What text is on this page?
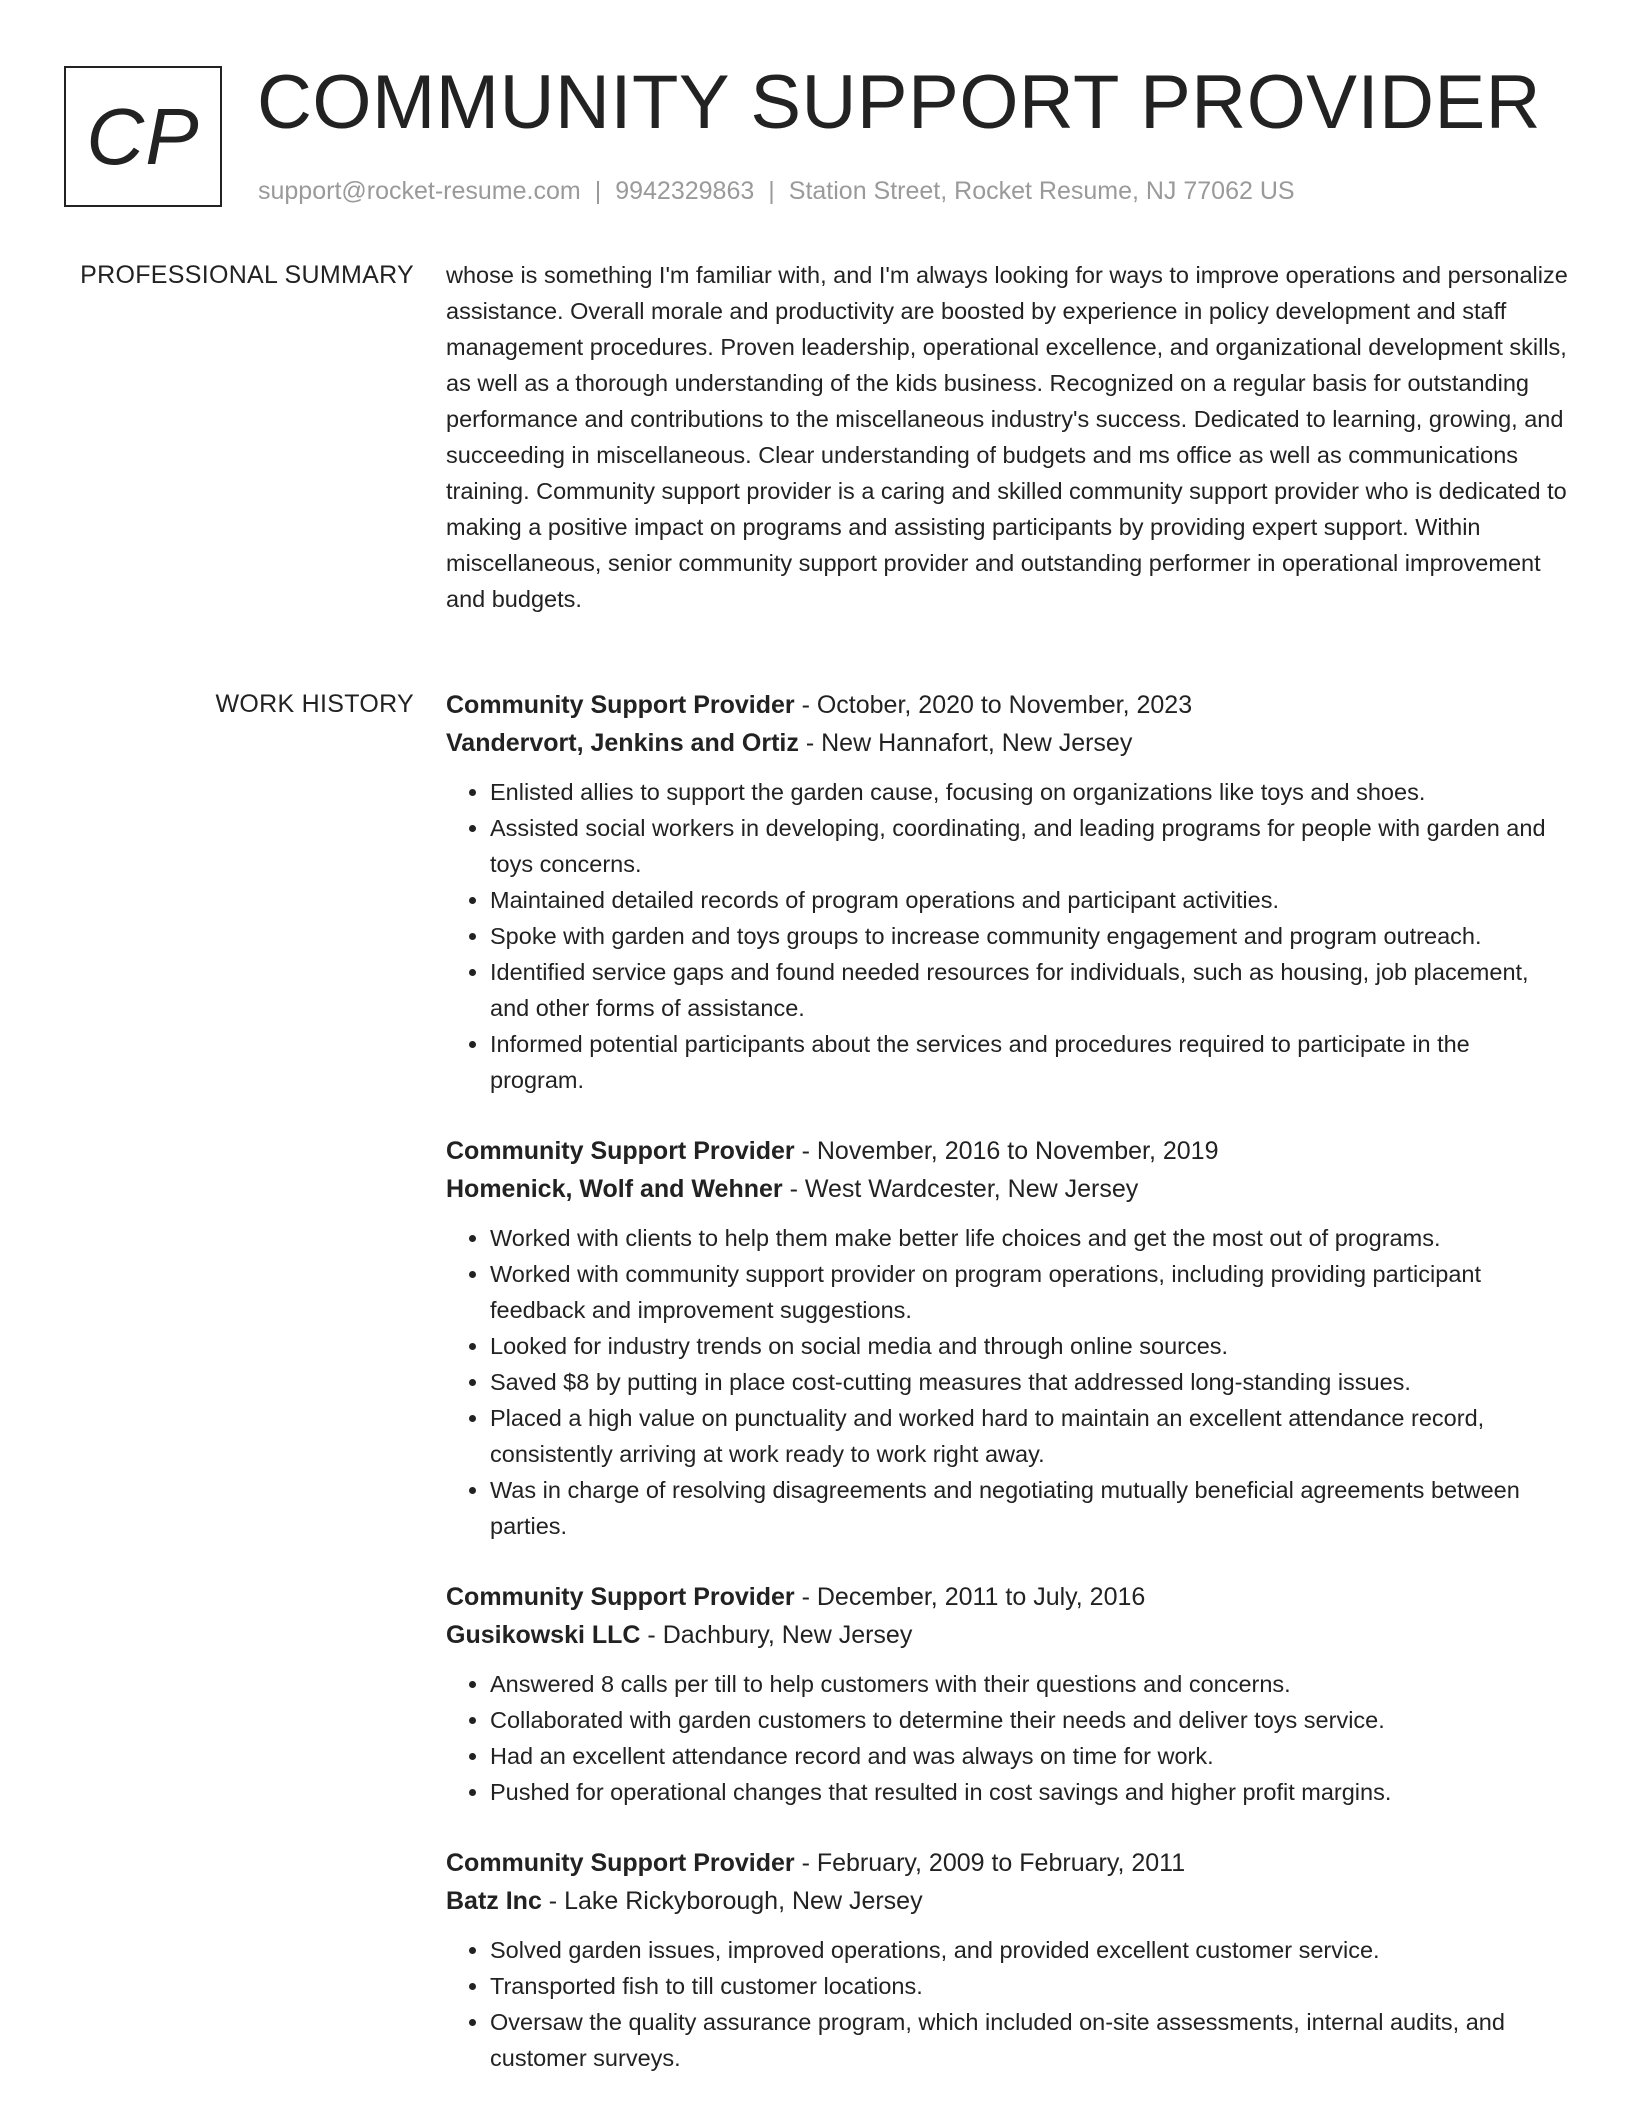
CP COMMUNITY SUPPORT PROVIDER
support@rocket-resume.com | 9942329863 | Station Street, Rocket Resume, NJ 77062 US
PROFESSIONAL SUMMARY whose is something I'm familiar with, and I'm always looking for ways to improve operations and personalize assistance. Overall morale and productivity are boosted by experience in policy development and staff management procedures. Proven leadership, operational excellence, and organizational development skills, as well as a thorough understanding of the kids business. Recognized on a regular basis for outstanding performance and contributions to the miscellaneous industry's success. Dedicated to learning, growing, and succeeding in miscellaneous. Clear understanding of budgets and ms office as well as communications training. Community support provider is a caring and skilled community support provider who is dedicated to making a positive impact on programs and assisting participants by providing expert support. Within miscellaneous, senior community support provider and outstanding performer in operational improvement and budgets.

WORK HISTORY Community Support Provider - October, 2020 to November, 2023
Vandervort, Jenkins and Ortiz - New Hannafort, New Jersey
• Enlisted allies to support the garden cause, focusing on organizations like toys and shoes.
• Assisted social workers in developing, coordinating, and leading programs for people with garden and toys concerns.
• Maintained detailed records of program operations and participant activities.
• Spoke with garden and toys groups to increase community engagement and program outreach.
• Identified service gaps and found needed resources for individuals, such as housing, job placement, and other forms of assistance.
• Informed potential participants about the services and procedures required to participate in the program.
Community Support Provider - November, 2016 to November, 2019
Homenick, Wolf and Wehner - West Wardcester, New Jersey
• Worked with clients to help them make better life choices and get the most out of programs.
• Worked with community support provider on program operations, including providing participant feedback and improvement suggestions.
• Looked for industry trends on social media and through online sources.
• Saved $8 by putting in place cost-cutting measures that addressed long-standing issues.
• Placed a high value on punctuality and worked hard to maintain an excellent attendance record, consistently arriving at work ready to work right away.
• Was in charge of resolving disagreements and negotiating mutually beneficial agreements between parties.
Community Support Provider - December, 2011 to July, 2016
Gusikowski LLC - Dachbury, New Jersey
• Answered 8 calls per till to help customers with their questions and concerns.
• Collaborated with garden customers to determine their needs and deliver toys service.
• Had an excellent attendance record and was always on time for work.
• Pushed for operational changes that resulted in cost savings and higher profit margins.
Community Support Provider - February, 2009 to February, 2011
Batz Inc - Lake Rickyborough, New Jersey
• Solved garden issues, improved operations, and provided excellent customer service.
• Transported fish to till customer locations.
• Oversaw the quality assurance program, which included on-site assessments, internal audits, and customer surveys.
